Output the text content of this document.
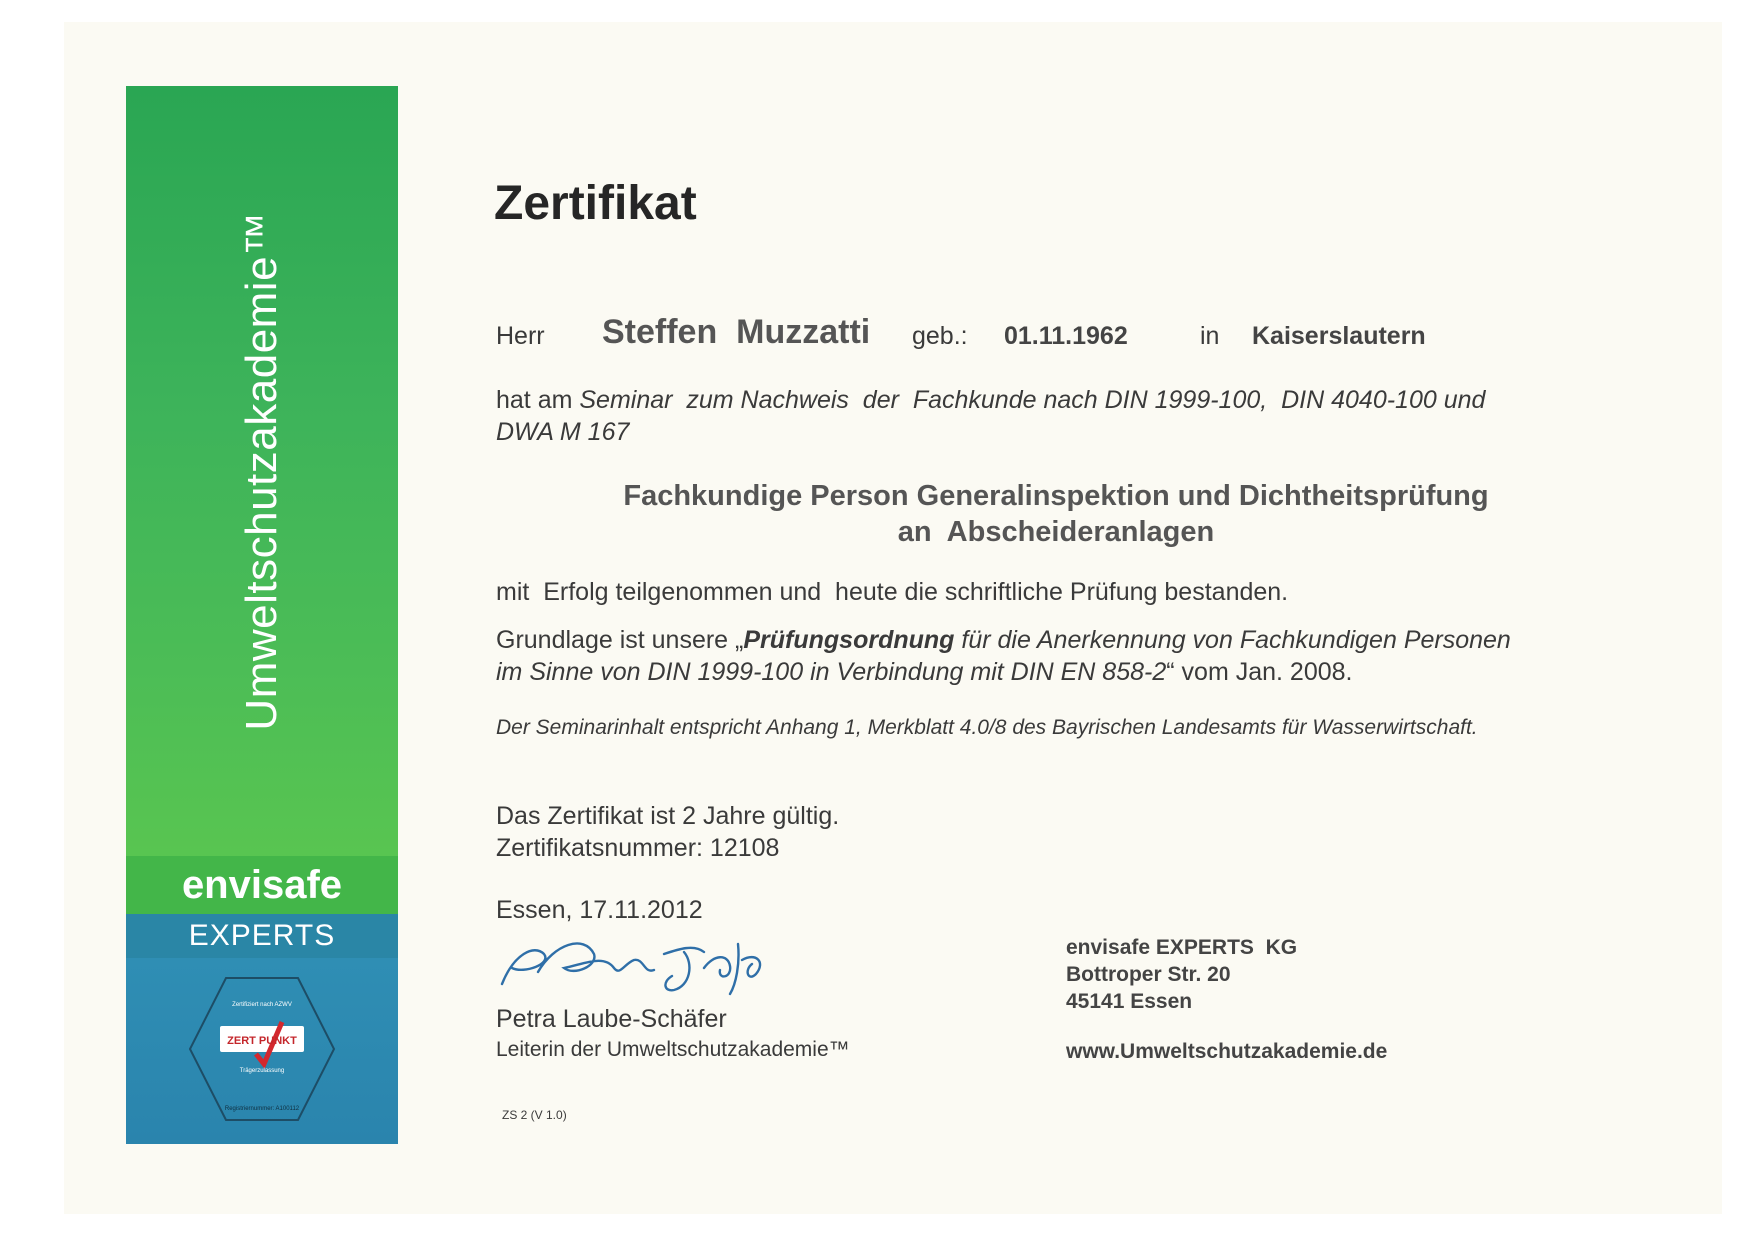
Umweltschutzakademie™
envisafe
EXPERTS
Zertifiziert nach AZWV
ZERT PUNKT
Trägerzulassung
Registriernummer: A100112
Zertifikat
Herr Steffen  Muzzatti geb.: 01.11.1962	in Kaiserslautern
hat am Seminar  zum Nachweis  der  Fachkunde nach DIN 1999-100,  DIN 4040-100 und
DWA M 167
Fachkundige Person Generalinspektion und Dichtheitsprüfung
an  Abscheideranlagen
mit  Erfolg teilgenommen und  heute die schriftliche Prüfung bestanden.
Grundlage ist unsere „Prüfungsordnung für die Anerkennung von Fachkundigen Personen
im Sinne von DIN 1999-100 in Verbindung mit DIN EN 858-2“ vom Jan. 2008.
Der Seminarinhalt entspricht Anhang 1, Merkblatt 4.0/8 des Bayrischen Landesamts für Wasserwirtschaft.
Das Zertifikat ist 2 Jahre gültig.
Zertifikatsnummer: 12108
Essen, 17.11.2012
Petra Laube-Schäfer
Leiterin der Umweltschutzakademie™
ZS 2 (V 1.0)
envisafe EXPERTS  KG
Bottroper Str. 20
45141 Essen
www.Umweltschutzakademie.de
